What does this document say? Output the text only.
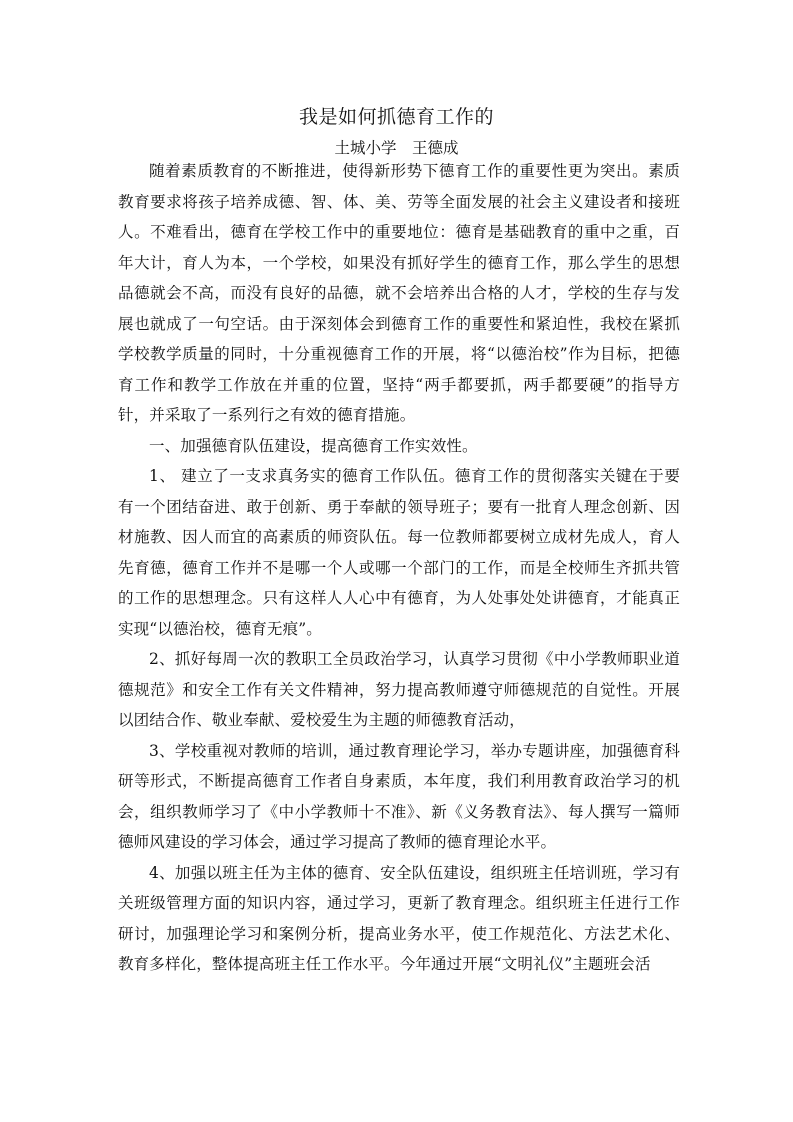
我是如何抓德育工作的
土城小学　王德成

随着素质教育的不断推进，使得新形势下德育工作的重要性更为突出。素质教育要求将孩子培养成德、智、体、美、劳等全面发展的社会主义建设者和接班人。不难看出，德育在学校工作中的重要地位：德育是基础教育的重中之重，百年大计，育人为本，一个学校，如果没有抓好学生的德育工作，那么学生的思想品德就会不高，而没有良好的品德，就不会培养出合格的人才，学校的生存与发展也就成了一句空话。由于深刻体会到德育工作的重要性和紧迫性，我校在紧抓学校教学质量的同时，十分重视德育工作的开展，将“以德治校”作为目标，把德育工作和教学工作放在并重的位置，坚持“两手都要抓，两手都要硬”的指导方针，并采取了一系列行之有效的德育措施。

一、加强德育队伍建设，提高德育工作实效性。

1、 建立了一支求真务实的德育工作队伍。德育工作的贯彻落实关键在于要有一个团结奋进、敢于创新、勇于奉献的领导班子；要有一批育人理念创新、因材施教、因人而宜的高素质的师资队伍。每一位教师都要树立成材先成人，育人先育德，德育工作并不是哪一个人或哪一个部门的工作，而是全校师生齐抓共管的工作的思想理念。只有这样人人心中有德育，为人处事处处讲德育，才能真正实现“以德治校，德育无痕”。

2、抓好每周一次的教职工全员政治学习，认真学习贯彻《中小学教师职业道德规范》和安全工作有关文件精神，努力提高教师遵守师德规范的自觉性。开展以团结合作、敬业奉献、爱校爱生为主题的师德教育活动，

3、学校重视对教师的培训，通过教育理论学习，举办专题讲座，加强德育科研等形式，不断提高德育工作者自身素质，本年度，我们利用教育政治学习的机会，组织教师学习了《中小学教师十不准》、新《义务教育法》、每人撰写一篇师德师风建设的学习体会，通过学习提高了教师的德育理论水平。

4、加强以班主任为主体的德育、安全队伍建设，组织班主任培训班，学习有关班级管理方面的知识内容，通过学习，更新了教育理念。组织班主任进行工作研讨，加强理论学习和案例分析，提高业务水平，使工作规范化、方法艺术化、教育多样化，整体提高班主任工作水平。今年通过开展“文明礼仪”主题班会活
